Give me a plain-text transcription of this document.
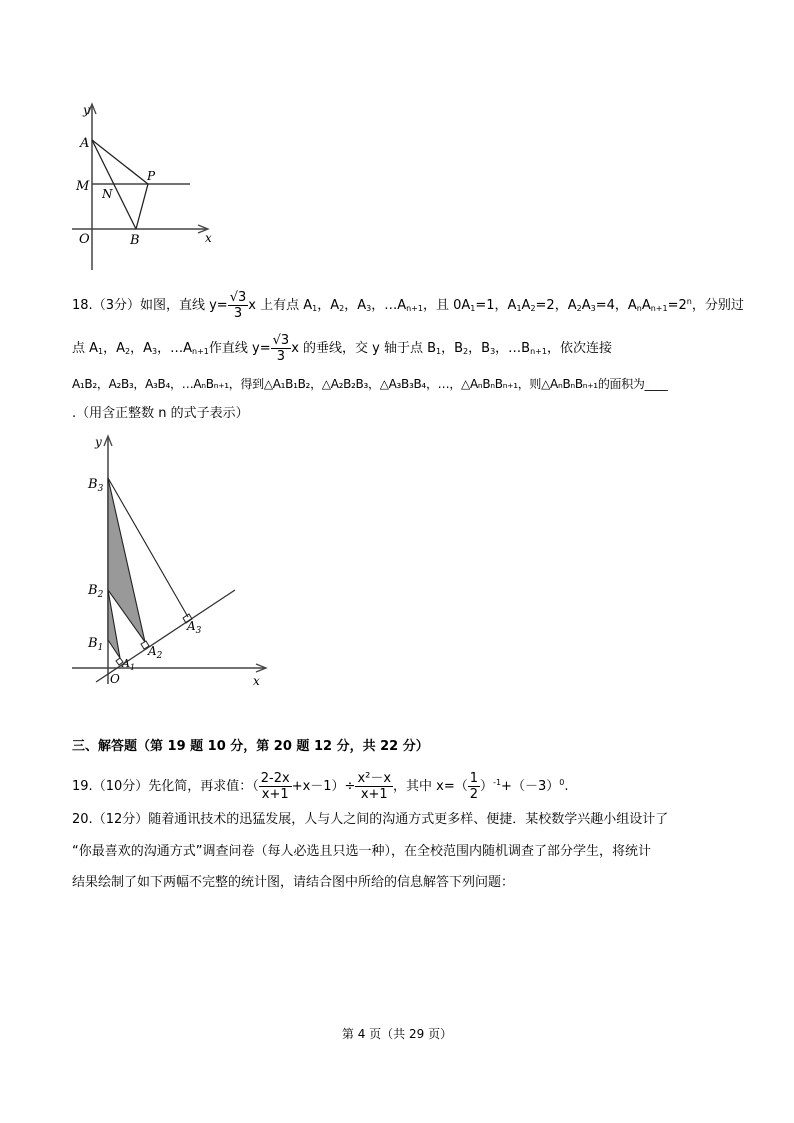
y
A
M N
P
O	B	x
18.（3分）如图，直线 $y= \frac{√3}{3}$ x 上有点 $A_1$，$A_2$，$A_3$，$\dots A_{n+1}$，且 $0A_1=1$，$A_1A_2=2$，$A_2A_3=4$，$A_nA_{n+1}=2^n$，分别过
点 $A_1$，$A_2$，$A_3$，$\dots A_{n+1}$作直线 $y= \frac{√3}{3}$ x 的垂线，交 y 轴于点 $B_1$，$B_2$，$B_3$，$\dots B_{n+1}$，依次连接
A₁B₂，A₂B₃，A₃B₄，…AₙBₙ₊₁，得到△A₁B₁B₂，△A₂B₂B₃，△A₃B₃B₄，…，△AₙBₙBₙ₊₁，则△AₙBₙBₙ₊₁的面积为____
.（用含正整数 n 的式子表示）
y
$B_3$
$B_2$
$B_1$
$A_1$
$A_2$
$A_3$
O	x
三、解答题（第 19 题 10 分，第 20 题 12 分，共 22 分）
19.（10分）先化简，再求值：（ $\frac{2-2x}{x+1} +x-1)\div \frac{\text{x²－x}}{x+1}$ ，其中 $x=( \frac{1}{2} )^{-1}+(-3)^0$.
20.（12分）随着通讯技术的迅猛发展，人与人之间的沟通方式更多样、便捷．某校数学兴趣小组设计了
“你最喜欢的沟通方式”调查问卷（每人必选且只选一种），在全校范围内随机调查了部分学生，将统计
结果绘制了如下两幅不完整的统计图，请结合图中所给的信息解答下列问题：
第 4 页（共 29 页）
